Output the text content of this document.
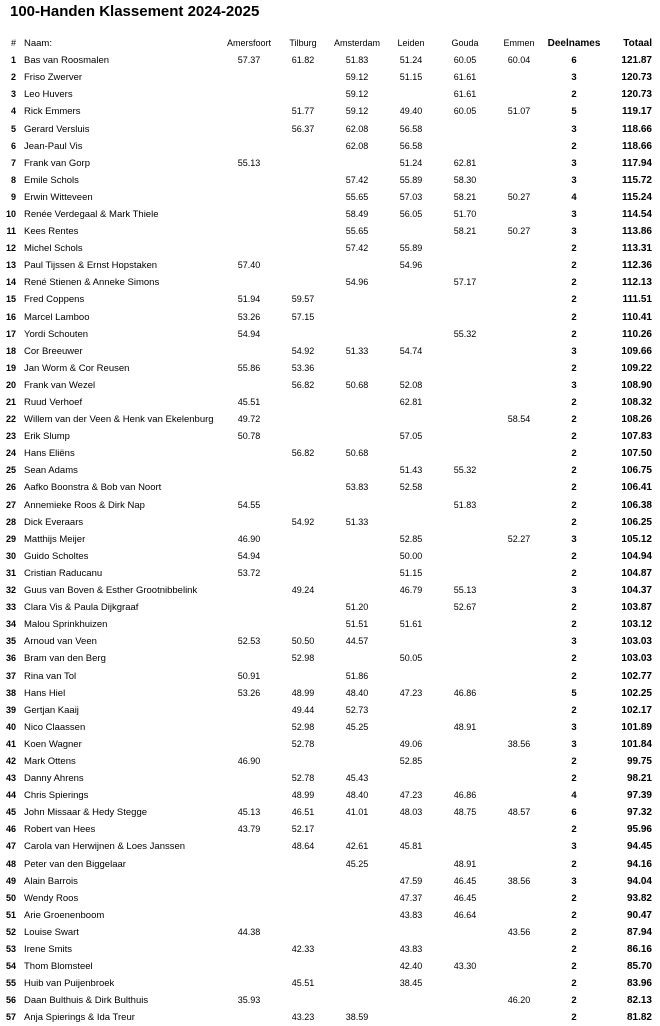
100-Handen Klassement 2024-2025
#	Naam:	Amersfoort	Tilburg	Amsterdam	Leiden	Gouda	Emmen	Deelnames	Totaal
1	Bas van Roosmalen	57.37	61.82	51.83	51.24	60.05	60.04	6	121.87
2	Friso Zwerver			59.12	51.15	61.61		3	120.73
3	Leo Huvers			59.12		61.61		2	120.73
4	Rick Emmers		51.77	59.12	49.40	60.05	51.07	5	119.17
5	Gerard Versluis		56.37	62.08	56.58			3	118.66
6	Jean-Paul Vis			62.08	56.58			2	118.66
7	Frank van Gorp	55.13			51.24	62.81		3	117.94
8	Emile Schols			57.42	55.89	58.30		3	115.72
9	Erwin Witteveen			55.65	57.03	58.21	50.27	4	115.24
10	Renée Verdegaal & Mark Thiele			58.49	56.05	51.70		3	114.54
11	Kees Rentes			55.65		58.21	50.27	3	113.86
12	Michel Schols			57.42	55.89			2	113.31
13	Paul Tijssen & Ernst Hopstaken	57.40			54.96			2	112.36
14	René Stienen & Anneke Simons			54.96		57.17		2	112.13
15	Fred Coppens	51.94	59.57					2	111.51
16	Marcel Lamboo	53.26	57.15					2	110.41
17	Yordi Schouten	54.94				55.32		2	110.26
18	Cor Breeuwer		54.92	51.33	54.74			3	109.66
19	Jan Worm & Cor Reusen	55.86	53.36					2	109.22
20	Frank van Wezel		56.82	50.68	52.08			3	108.90
21	Ruud Verhoef	45.51			62.81			2	108.32
22	Willem van der Veen & Henk van Ekelenburg	49.72					58.54	2	108.26
23	Erik Slump	50.78			57.05			2	107.83
24	Hans Eliëns		56.82	50.68				2	107.50
25	Sean Adams				51.43	55.32		2	106.75
26	Aafko Boonstra & Bob van Noort			53.83	52.58			2	106.41
27	Annemieke Roos & Dirk Nap	54.55				51.83		2	106.38
28	Dick Everaars		54.92	51.33				2	106.25
29	Matthijs Meijer	46.90			52.85		52.27	3	105.12
30	Guido Scholtes	54.94			50.00			2	104.94
31	Cristian Raducanu	53.72			51.15			2	104.87
32	Guus van Boven & Esther Grootnibbelink		49.24		46.79	55.13		3	104.37
33	Clara Vis & Paula Dijkgraaf			51.20		52.67		2	103.87
34	Malou Sprinkhuizen			51.51	51.61			2	103.12
35	Arnoud van Veen	52.53	50.50	44.57				3	103.03
36	Bram van den Berg		52.98		50.05			2	103.03
37	Rina van Tol	50.91		51.86				2	102.77
38	Hans Hiel	53.26	48.99	48.40	47.23	46.86		5	102.25
39	Gertjan Kaaij		49.44	52.73				2	102.17
40	Nico Claassen		52.98	45.25		48.91		3	101.89
41	Koen Wagner		52.78		49.06		38.56	3	101.84
42	Mark Ottens	46.90			52.85			2	99.75
43	Danny Ahrens		52.78	45.43				2	98.21
44	Chris Spierings		48.99	48.40	47.23	46.86		4	97.39
45	John Missaar & Hedy Stegge	45.13	46.51	41.01	48.03	48.75	48.57	6	97.32
46	Robert van Hees	43.79	52.17					2	95.96
47	Carola van Herwijnen & Loes Janssen		48.64	42.61	45.81			3	94.45
48	Peter van den Biggelaar			45.25		48.91		2	94.16
49	Alain Barrois				47.59	46.45	38.56	3	94.04
50	Wendy Roos				47.37	46.45		2	93.82
51	Arie Groenenboom				43.83	46.64		2	90.47
52	Louise Swart	44.38					43.56	2	87.94
53	Irene Smits		42.33		43.83			2	86.16
54	Thom Blomsteel				42.40	43.30		2	85.70
55	Huib van Puijenbroek		45.51		38.45			2	83.96
56	Daan Bulthuis & Dirk Bulthuis	35.93					46.20	2	82.13
57	Anja Spierings & Ida Treur		43.23	38.59				2	81.82
